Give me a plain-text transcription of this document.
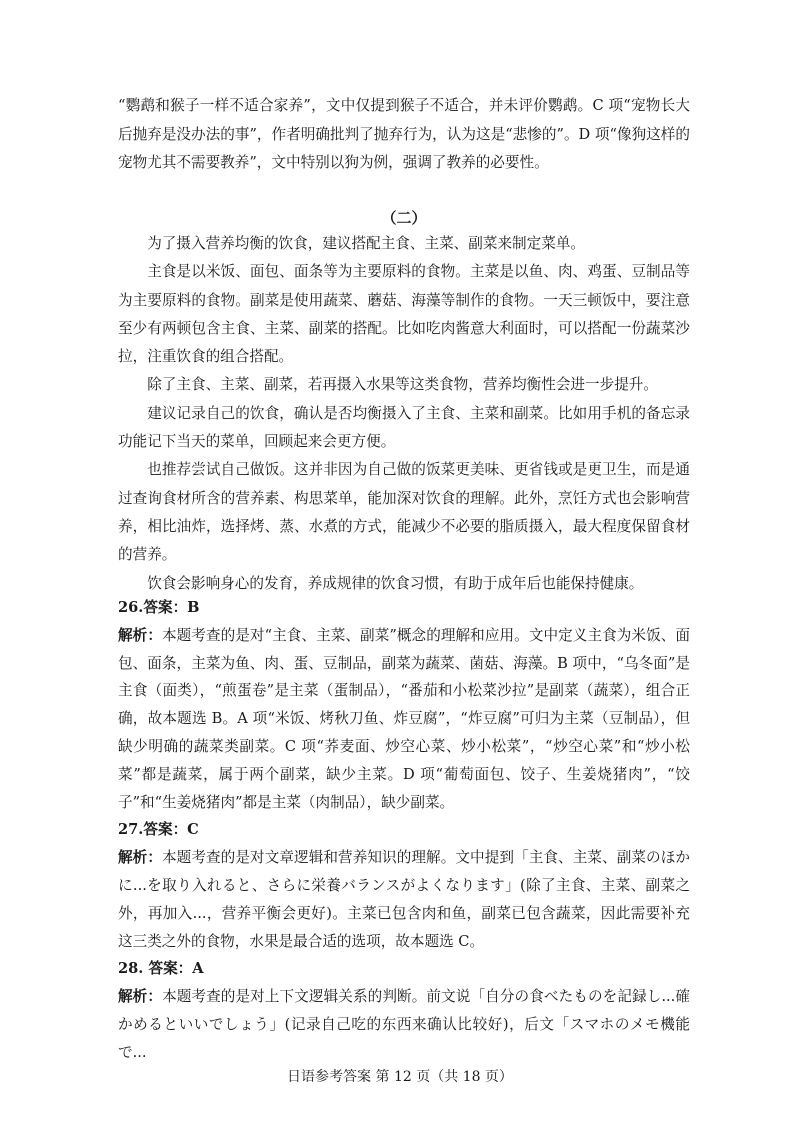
“鹦鹉和猴子一样不适合家养”，文中仅提到猴子不适合，并未评价鹦鹉。C 项“宠物长大后抛弃是没办法的事”，作者明确批判了抛弃行为，认为这是“悲惨的”。D 项“像狗这样的宠物尤其不需要教养”，文中特别以狗为例，强调了教养的必要性。

（二）

为了摄入营养均衡的饮食，建议搭配主食、主菜、副菜来制定菜单。

主食是以米饭、面包、面条等为主要原料的食物。主菜是以鱼、肉、鸡蛋、豆制品等为主要原料的食物。副菜是使用蔬菜、蘑菇、海藻等制作的食物。一天三顿饭中，要注意至少有两顿包含主食、主菜、副菜的搭配。比如吃肉酱意大利面时，可以搭配一份蔬菜沙拉，注重饮食的组合搭配。

除了主食、主菜、副菜，若再摄入水果等这类食物，营养均衡性会进一步提升。

建议记录自己的饮食，确认是否均衡摄入了主食、主菜和副菜。比如用手机的备忘录功能记下当天的菜单，回顾起来会更方便。

也推荐尝试自己做饭。这并非因为自己做的饭菜更美味、更省钱或是更卫生，而是通过查询食材所含的营养素、构思菜单，能加深对饮食的理解。此外，烹饪方式也会影响营养，相比油炸，选择烤、蒸、水煮的方式，能减少不必要的脂质摄入，最大程度保留食材的营养。

饮食会影响身心的发育，养成规律的饮食习惯，有助于成年后也能保持健康。

26.答案：B

解析：本题考查的是对“主食、主菜、副菜”概念的理解和应用。文中定义主食为米饭、面包、面条，主菜为鱼、肉、蛋、豆制品，副菜为蔬菜、菌菇、海藻。B 项中，“乌冬面”是主食（面类），“煎蛋卷”是主菜（蛋制品），“番茄和小松菜沙拉”是副菜（蔬菜），组合正确，故本题选 B。A 项“米饭、烤秋刀鱼、炸豆腐”，“炸豆腐”可归为主菜（豆制品），但缺少明确的蔬菜类副菜。C 项“荞麦面、炒空心菜、炒小松菜”，“炒空心菜”和“炒小松菜”都是蔬菜，属于两个副菜，缺少主菜。D 项“葡萄面包、饺子、生姜烧猪肉”，“饺子”和“生姜烧猪肉”都是主菜（肉制品），缺少副菜。

27.答案：C

解析：本题考查的是对文章逻辑和营养知识的理解。文中提到「主食、主菜、副菜のほかに...を取り入れると、さらに栄養バランスがよくなります」(除了主食、主菜、副菜之外，再加入...，营养平衡会更好)。主菜已包含肉和鱼，副菜已包含蔬菜，因此需要补充这三类之外的食物，水果是最合适的选项，故本题选 C。

28. 答案：A

解析：本题考查的是对上下文逻辑关系的判断。前文说「自分の食べたものを記録し...確かめるといいでしょう」(记录自己吃的东西来确认比较好)，后文「スマホのメモ機能で...

日语参考答案 第 12 页（共 18 页）
